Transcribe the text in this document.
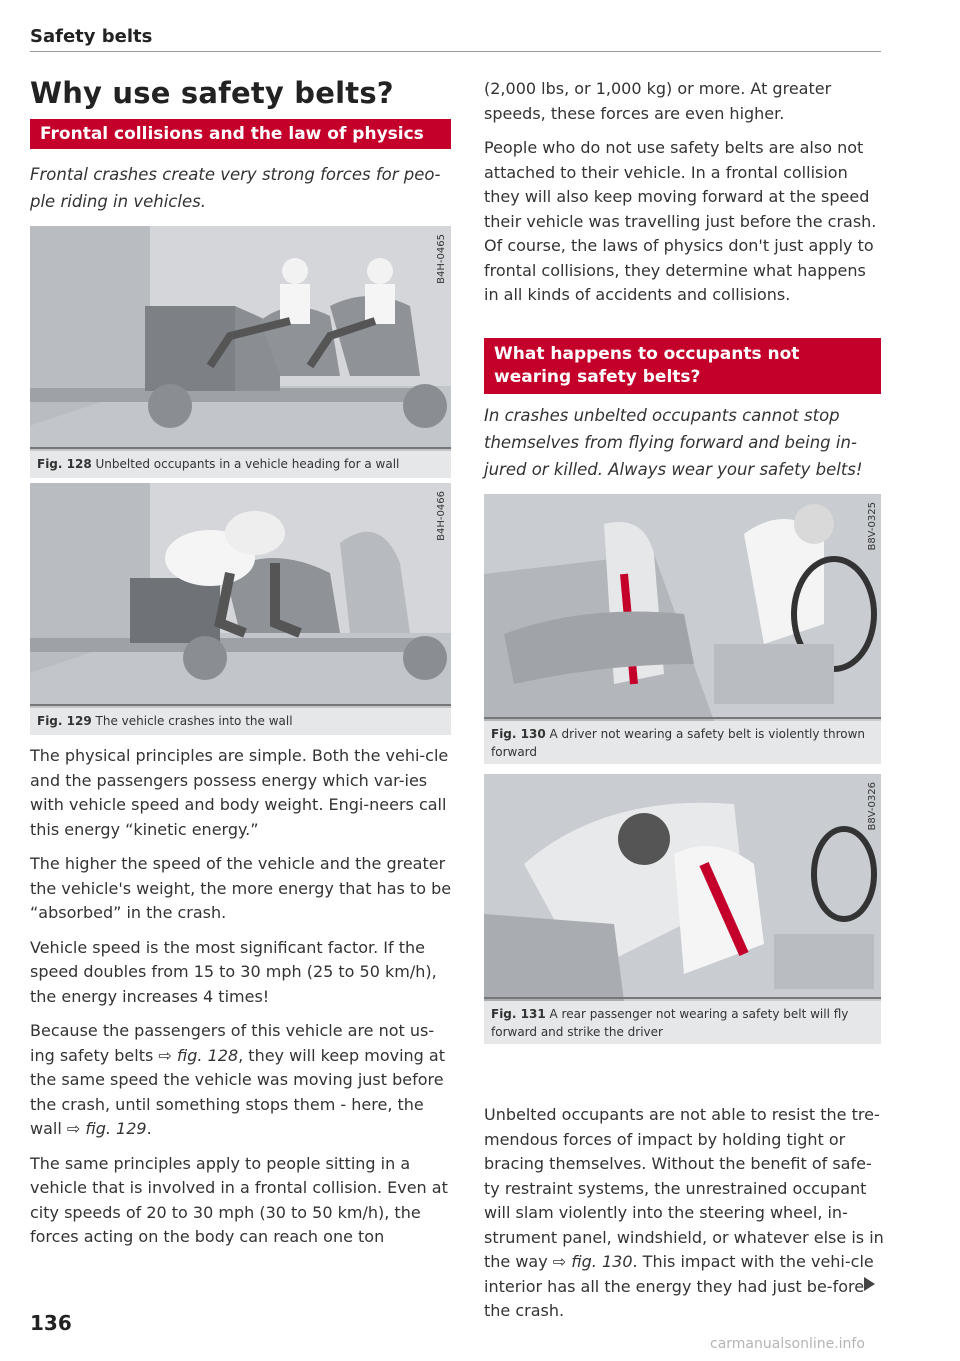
Safety belts
Why use safety belts?
Frontal collisions and the law of physics
Frontal crashes create very strong forces for peo-ple riding in vehicles.
B4H-0465
Fig. 128 Unbelted occupants in a vehicle heading for a wall
B4H-0466
Fig. 129 The vehicle crashes into the wall

The physical principles are simple. Both the vehi-cle and the passengers possess energy which var-ies with vehicle speed and body weight. Engi-neers call this energy “kinetic energy.”

The higher the speed of the vehicle and the greater the vehicle's weight, the more energy that has to be “absorbed” in the crash.

Vehicle speed is the most significant factor. If the speed doubles from 15 to 30 mph (25 to 50 km/h), the energy increases 4 times!

Because the passengers of this vehicle are not us-ing safety belts ⇨ fig. 128, they will keep moving at the same speed the vehicle was moving just before the crash, until something stops them - here, the wall ⇨ fig. 129.

The same principles apply to people sitting in a vehicle that is involved in a frontal collision. Even at city speeds of 20 to 30 mph (30 to 50 km/h), the forces acting on the body can reach one ton

(2,000 lbs, or 1,000 kg) or more. At greater speeds, these forces are even higher.

People who do not use safety belts are also not attached to their vehicle. In a frontal collision they will also keep moving forward at the speed their vehicle was travelling just before the crash. Of course, the laws of physics don't just apply to frontal collisions, they determine what happens in all kinds of accidents and collisions.

What happens to occupants not wearing safety belts?
In crashes unbelted occupants cannot stop themselves from flying forward and being in-jured or killed. Always wear your safety belts!
B8V-0325
Fig. 130 A driver not wearing a safety belt is violently thrown forward
B8V-0326
Fig. 131 A rear passenger not wearing a safety belt will fly forward and strike the driver

Unbelted occupants are not able to resist the tre-mendous forces of impact by holding tight or bracing themselves. Without the benefit of safe-ty restraint systems, the unrestrained occupant will slam violently into the steering wheel, in-strument panel, windshield, or whatever else is in the way ⇨ fig. 130. This impact with the vehi-cle interior has all the energy they had just be-fore the crash.

136
carmanualsonline.info
